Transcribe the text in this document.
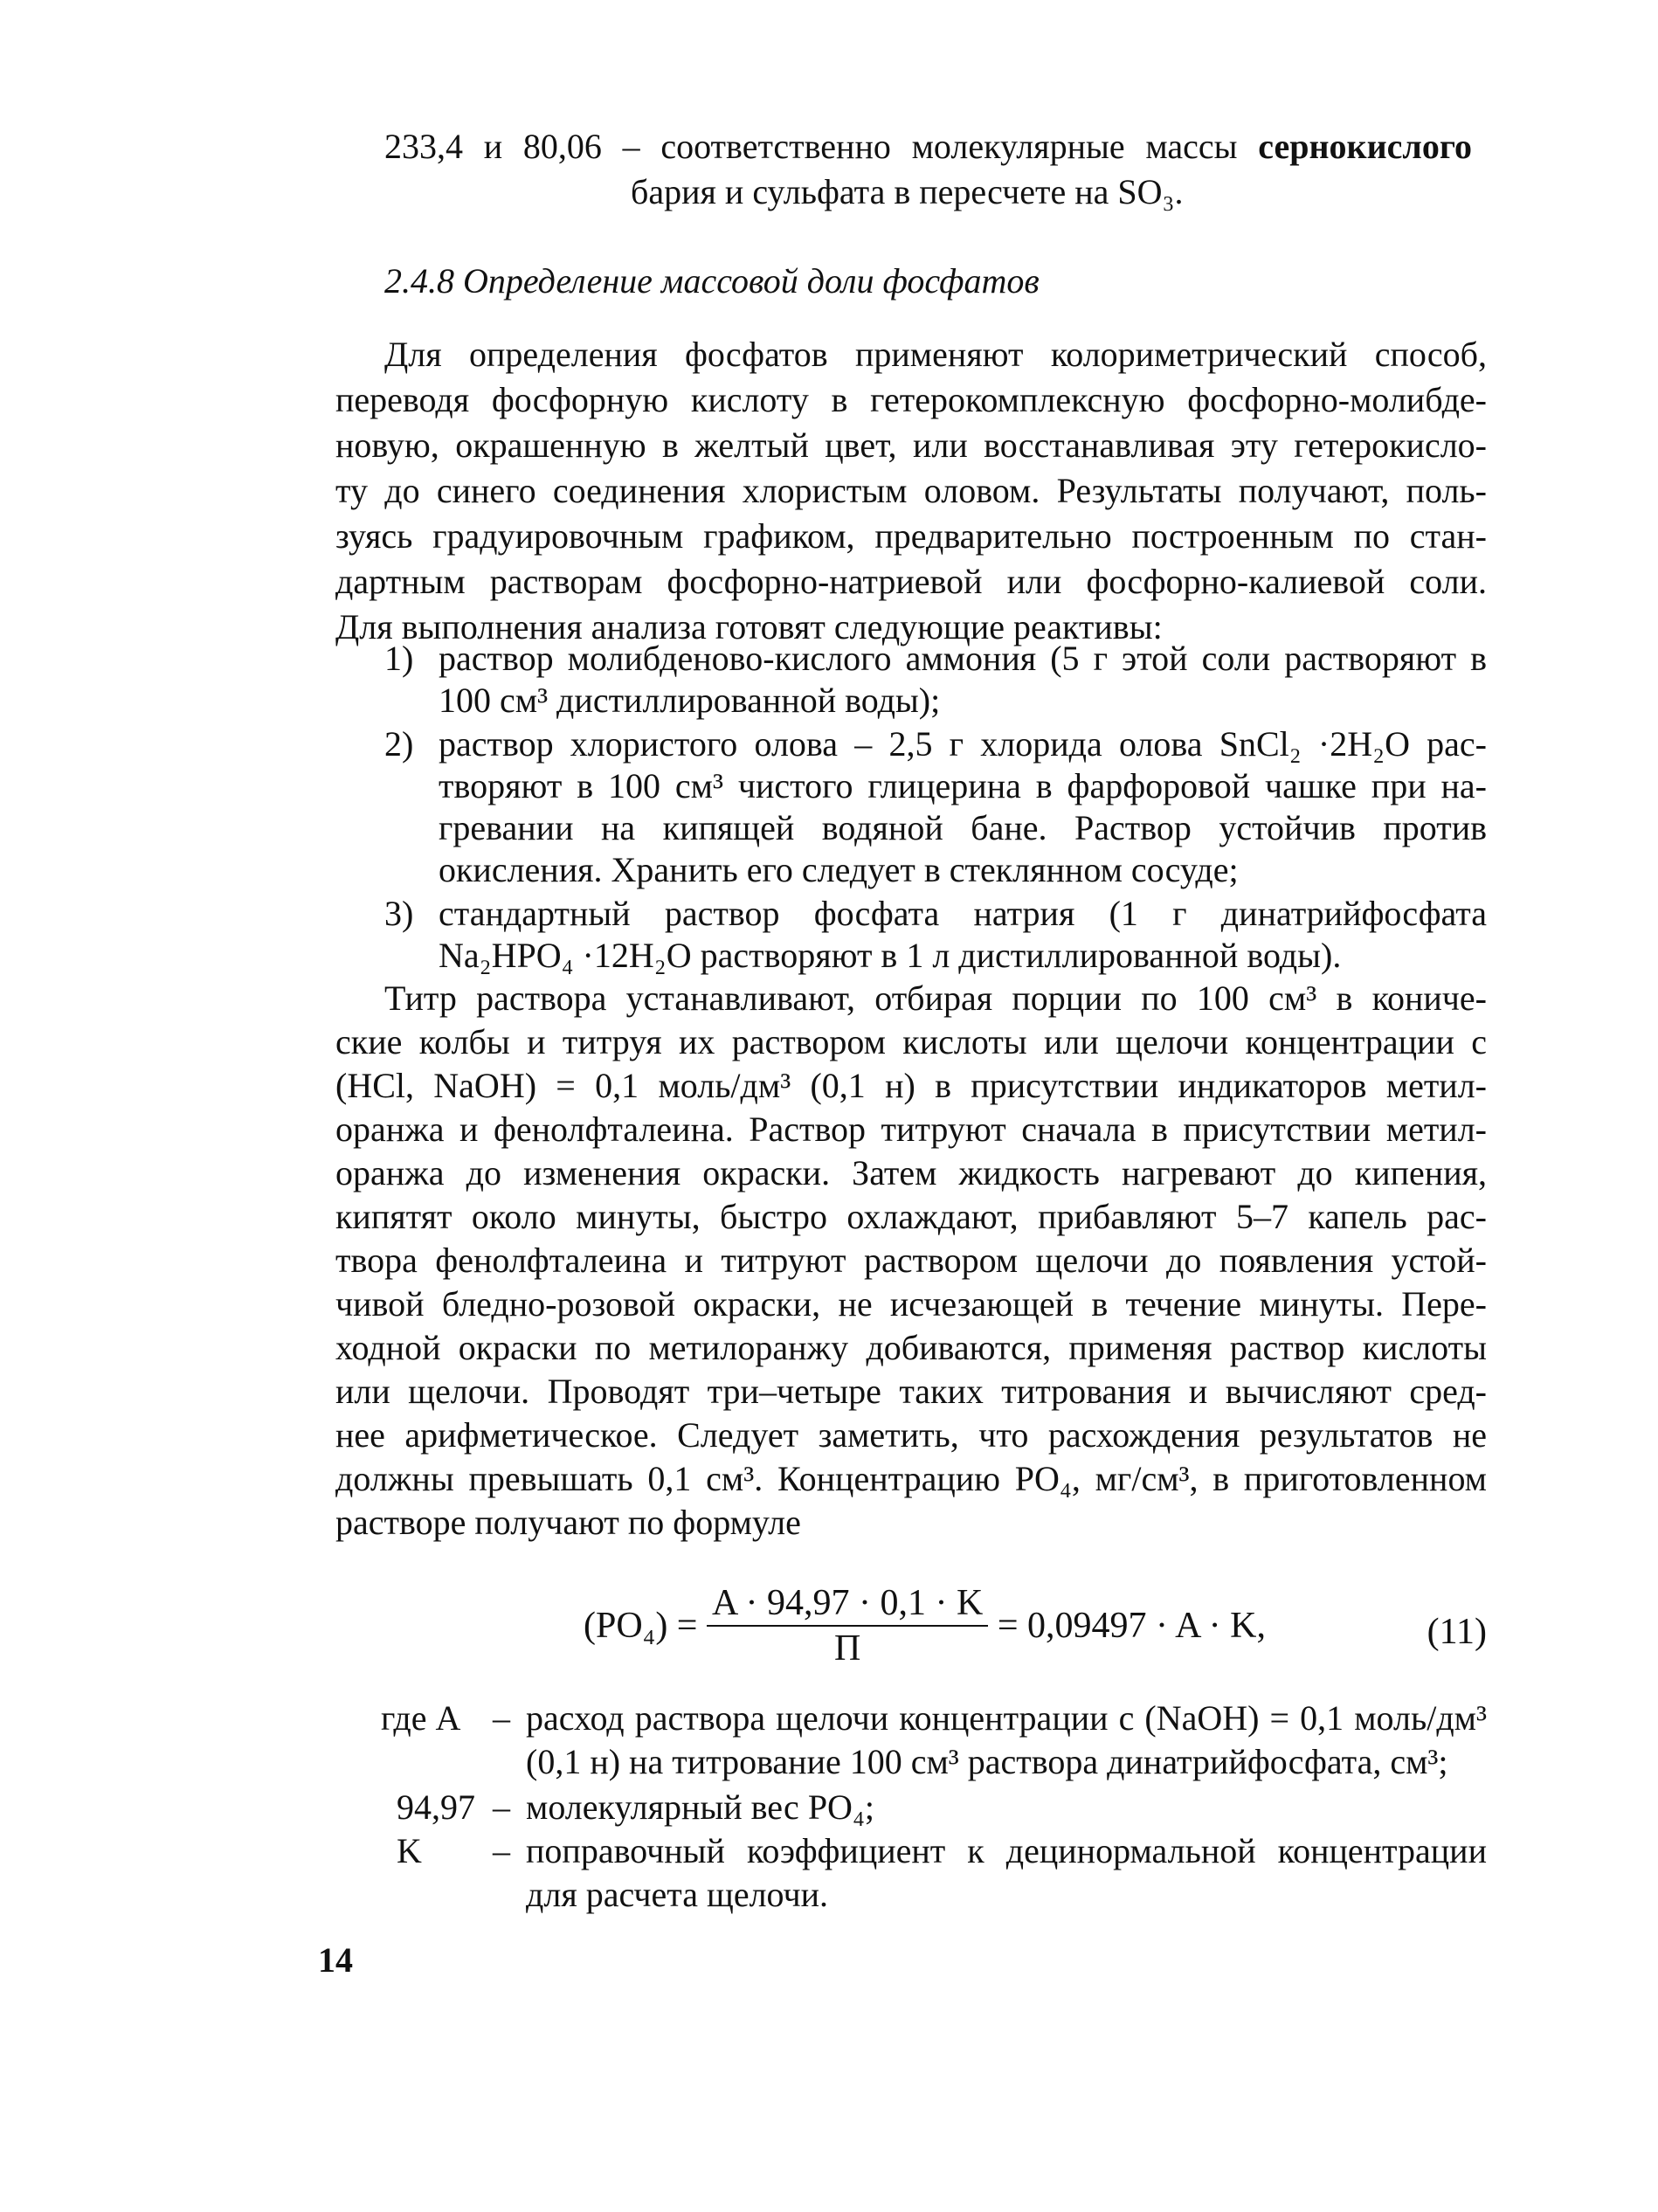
233,4 и 80,06 – соответственно молекулярные массы сернокислого
бария и сульфата в пересчете на SO₃.
2.4.8 Определение массовой доли фосфатов
Для определения фосфатов применяют колориметрический способ,
переводя фосфорную кислоту в гетерокомплексную фосфорно-молибде-
новую, окрашенную в желтый цвет, или восстанавливая эту гетерокисло-
ту до синего соединения хлористым оловом. Результаты получают, поль-
зуясь градуировочным графиком, предварительно построенным по стан-
дартным растворам фосфорно-натриевой или фосфорно-калиевой соли.
Для выполнения анализа готовят следующие реактивы:
1) раствор молибденово-кислого аммония (5 г этой соли растворяют в
100 см³ дистиллированной воды);
2) раствор хлористого олова – 2,5 г хлорида олова SnCl₂ ·2H₂O рас-
творяют в 100 см³ чистого глицерина в фарфоровой чашке при на-
гревании на кипящей водяной бане. Раствор устойчив против
окисления. Хранить его следует в стеклянном сосуде;
3) стандартный раствор фосфата натрия (1 г динатрийфосфата
Na₂HPO₄ ·12H₂O растворяют в 1 л дистиллированной воды).
Титр раствора устанавливают, отбирая порции по 100 см³ в кониче-
ские колбы и титруя их раствором кислоты или щелочи концентрации с
(HCl, NaOH) = 0,1 моль/дм³ (0,1 н) в присутствии индикаторов метил-
оранжа и фенолфталеина. Раствор титруют сначала в присутствии метил-
оранжа до изменения окраски. Затем жидкость нагревают до кипения,
кипятят около минуты, быстро охлаждают, прибавляют 5–7 капель рас-
твора фенолфталеина и титруют раствором щелочи до появления устой-
чивой бледно-розовой окраски, не исчезающей в течение минуты. Пере-
ходной окраски по метилоранжу добиваются, применяя раствор кислоты
или щелочи. Проводят три–четыре таких титрования и вычисляют сред-
нее арифметическое. Следует заметить, что расхождения результатов не
должны превышать 0,1 см³. Концентрацию PO₄, мг/см³, в приготовленном
растворе получают по формуле
$(PO_4) = \frac{A \cdot 94,97 \cdot 0,1 \cdot K}{П} = 0,09497 \cdot A \cdot K$,	(11)
где A – расход раствора щелочи концентрации с (NaOH) = 0,1 моль/дм³
(0,1 н) на титрование 100 см³ раствора динатрийфосфата, см³;
94,97 – молекулярный вес PO₄;
K – поправочный коэффициент к децинормальной концентрации
для расчета щелочи.
14
